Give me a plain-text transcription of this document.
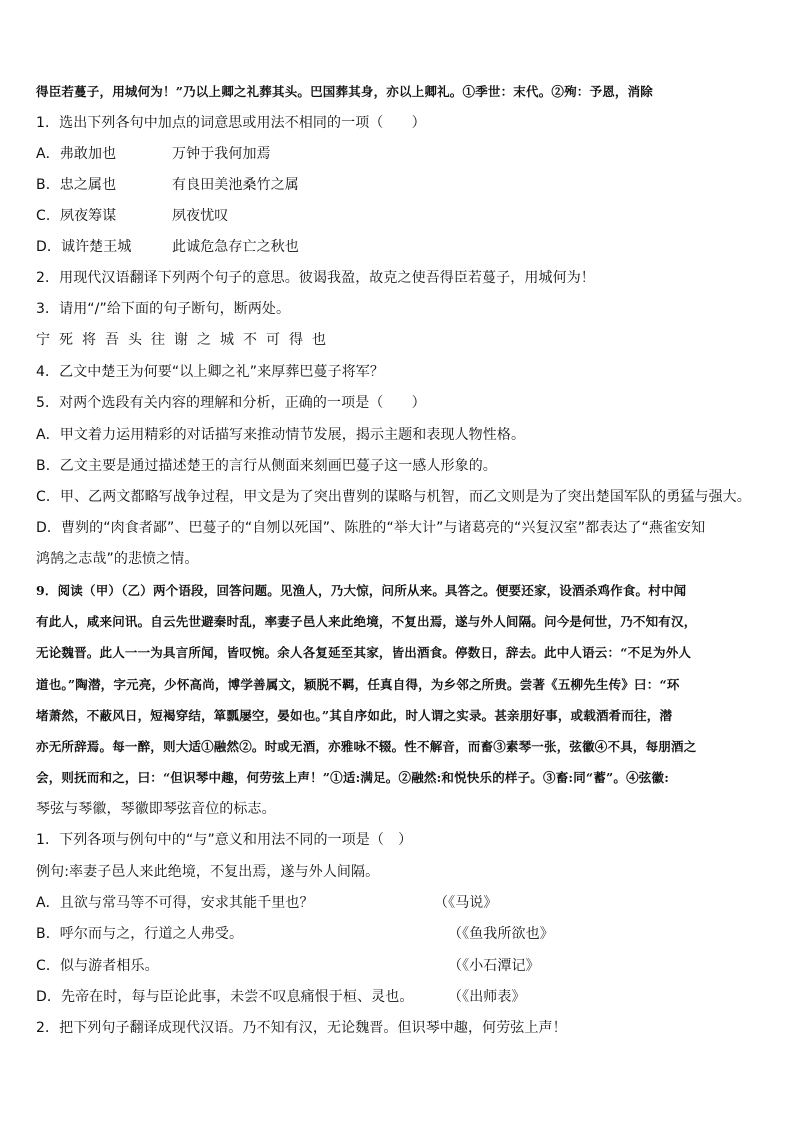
得臣若蔓子，用城何为！”乃以上卿之礼葬其头。巴国葬其身，亦以上卿礼。①季世：末代。②殉：予恩，消除
1．选出下列各句中加点的词意思或用法不相同的一项（　　）
A．弗敢加也	万钟于我何加焉
B．忠之属也	有良田美池桑竹之属
C．夙夜筹谋	夙夜忧叹
D．诚许楚王城	此诚危急存亡之秋也
2．用现代汉语翻译下列两个句子的意思。彼谒我盈，故克之使吾得臣若蔓子，用城何为！
3．请用“/”给下面的句子断句，断两处。
宁死将吾头往谢之城不可得也
4．乙文中楚王为何要“以上卿之礼”来厚葬巴蔓子将军？
5．对两个选段有关内容的理解和分析，正确的一项是（　　）
A．甲文着力运用精彩的对话描写来推动情节发展，揭示主题和表现人物性格。
B．乙文主要是通过描述楚王的言行从侧面来刻画巴蔓子这一感人形象的。
C．甲、乙两文都略写战争过程，甲文是为了突出曹刿的谋略与机智，而乙文则是为了突出楚国军队的勇猛与强大。
D．曹刿的“肉食者鄙”、巴蔓子的“自刎以死国”、陈胜的“举大计”与诸葛亮的“兴复汉室”都表达了“燕雀安知
鸿鹄之志哉”的悲愤之情。
9．阅读（甲）（乙）两个语段，回答问题。见渔人，乃大惊，问所从来。具答之。便要还家，设酒杀鸡作食。村中闻
有此人，咸来问讯。自云先世避秦时乱，率妻子邑人来此绝境，不复出焉，遂与外人间隔。问今是何世，乃不知有汉，
无论魏晋。此人一一为具言所闻，皆叹惋。余人各复延至其家，皆出酒食。停数日，辞去。此中人语云：“不足为外人
道也。”陶潜，字元亮，少怀高尚，博学善属文，颖脱不羁，任真自得，为乡邻之所贵。尝著《五柳先生传》曰：“环
堵萧然，不蔽风日，短褐穿结，箪瓢屡空，晏如也。”其自序如此，时人谓之实录。甚亲朋好事，或载酒肴而往，潜
亦无所辞焉。每一醉，则大适①融然②。时或无酒，亦雅咏不辍。性不解音，而畜③素琴一张，弦徽④不具，每朋酒之
会，则抚而和之，曰：“但识琴中趣，何劳弦上声！”①适:满足。②融然:和悦快乐的样子。③畜:同“蓄”。④弦徽:
琴弦与琴徽，琴徽即琴弦音位的标志。
1．下列各项与例句中的“与”意义和用法不同的一项是（　）
例句:率妻子邑人来此绝境，不复出焉，遂与外人间隔。
A．且欲与常马等不可得，安求其能千里也？	（《马说》
B．呼尔而与之，行道之人弗受。	（《鱼我所欲也》
C．似与游者相乐。	（《小石潭记》
D．先帝在时，每与臣论此事，未尝不叹息痛恨于桓、灵也。 （《出师表》
2．把下列句子翻译成现代汉语。乃不知有汉，无论魏晋。但识琴中趣，何劳弦上声！
